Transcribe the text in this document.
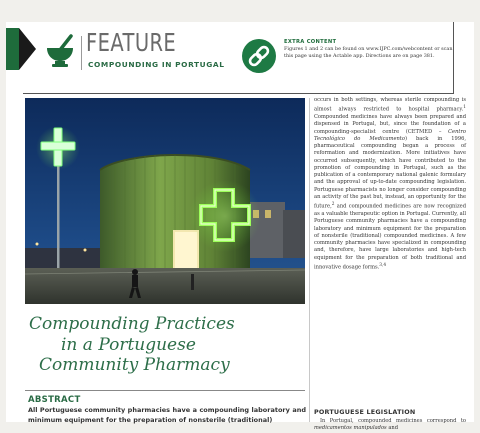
FEATURE
COMPOUNDING IN PORTUGAL
EXTRA CONTENT
Figures 1 and 2 can be found on www.IJPC.com/webcontent or scan this page using the Actable app. Directions are on page 381.
Compounding Practices
in a Portuguese
Community Pharmacy
ABSTRACT
All Portuguese community pharmacies have a compounding laboratory and minimum equipment for the preparation of nonsterile (traditional)
occurs in both settings, whereas sterile compounding is almost always restricted to hospital pharmacy.$^1$ Compounded medicines have always been prepared and dispensed in Portugal, but, since the foundation of a compounding-specialist centre (CETMED – Centro Tecnológico do Medicamento) back in 1996, pharmaceutical compounding began a process of reformation and modernization. More initiatives have occurred subsequently, which have contributed to the promotion of compounding in Portugal, such as the publication of a contemporary national galenic formulary and the approval of up-to-date compounding legislation. Portuguese pharmacists no longer consider compounding an activity of the past but, instead, an opportunity for the future,$^2$ and compounded medicines are now recognized as a valuable therapeutic option in Portugal. Currently, all Portuguese community pharmacies have a compounding laboratory and minimum equipment for the preparation of nonsterile (traditional) compounded medicines. A few community pharmacies have specialized in compounding and, therefore, have large laboratories and high-tech equipment for the preparation of both traditional and innovative dosage forms.$^{3,4}$
PORTUGUESE LEGISLATION
In Portugal, compounded medicines correspond to medicamentos manipulados and
